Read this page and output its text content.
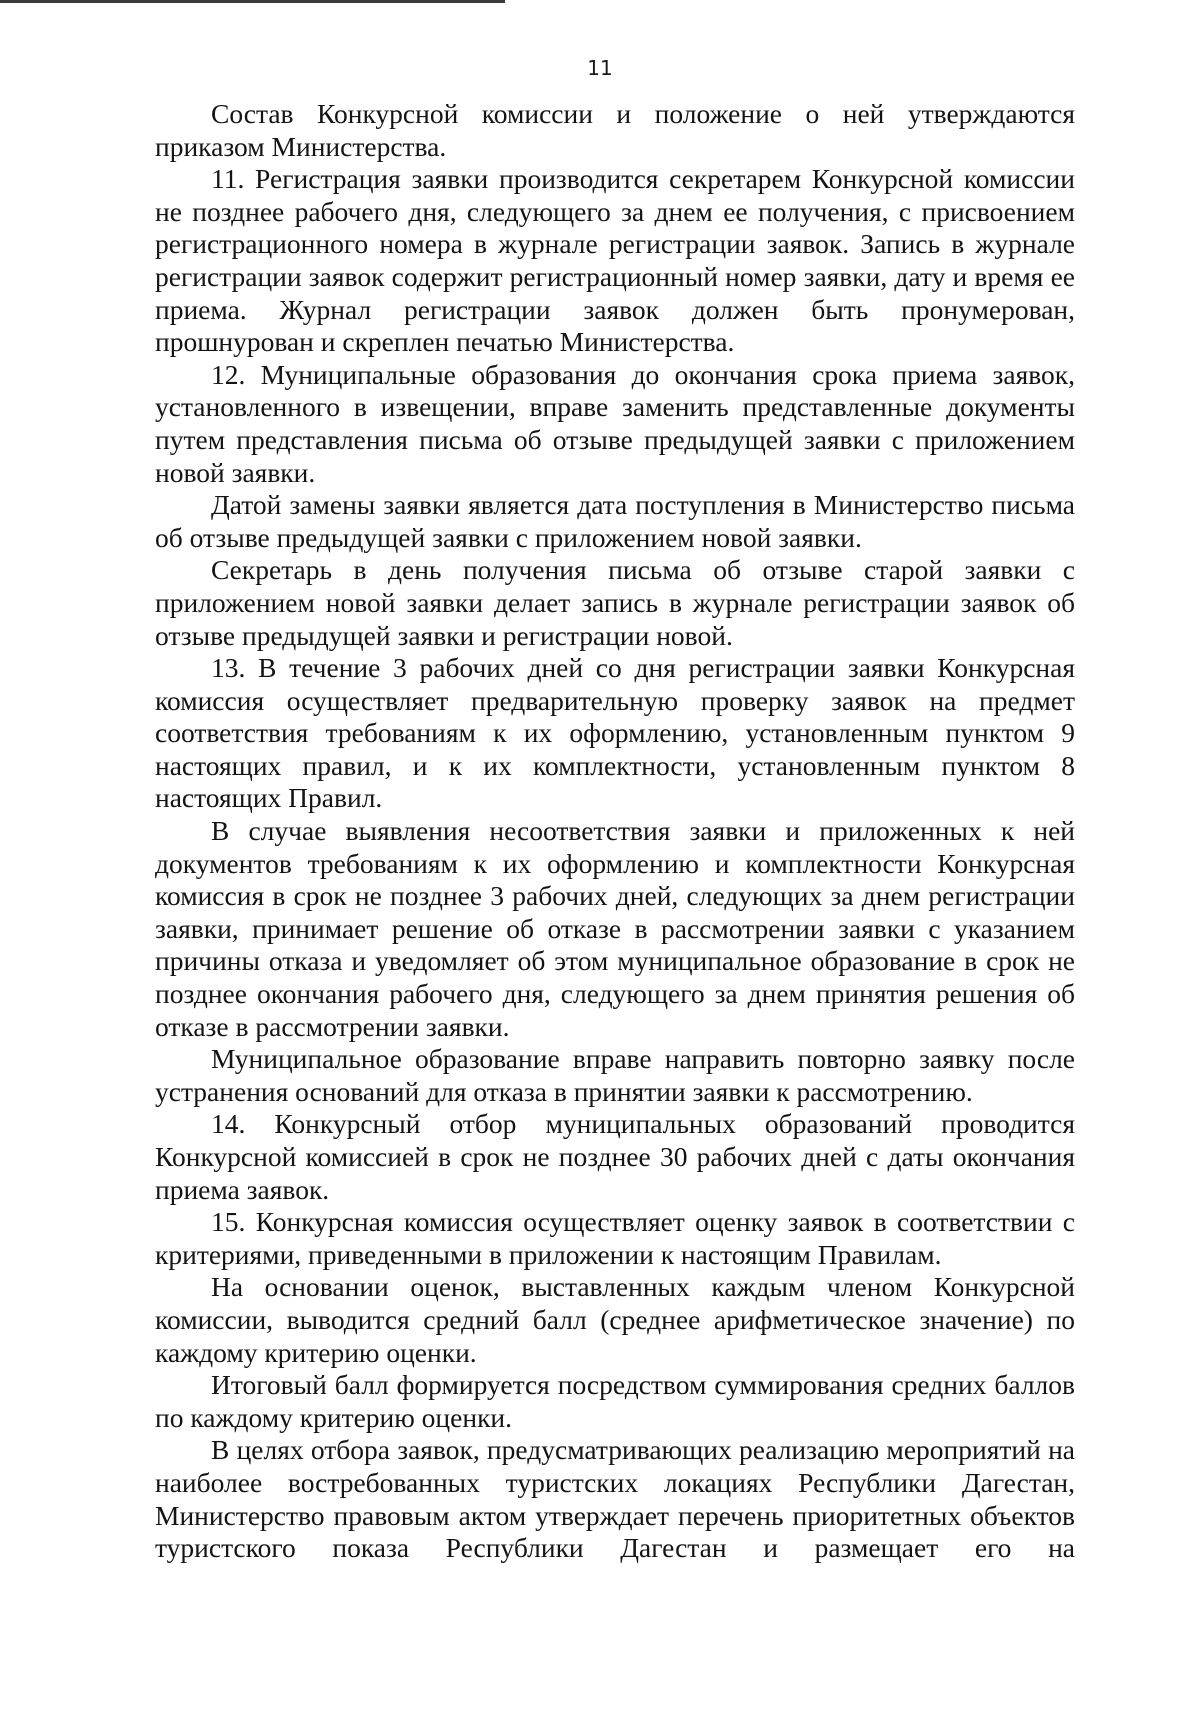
11

Состав Конкурсной комиссии и положение о ней утверждаются приказом Министерства.

11. Регистрация заявки производится секретарем Конкурсной комиссии не позднее рабочего дня, следующего за днем ее получения, с присвоением регистрационного номера в журнале регистрации заявок. Запись в журнале регистрации заявок содержит регистрационный номер заявки, дату и время ее приема. Журнал регистрации заявок должен быть пронумерован, прошнурован и скреплен печатью Министерства.

12. Муниципальные образования до окончания срока приема заявок, установленного в извещении, вправе заменить представленные документы путем представления письма об отзыве предыдущей заявки с приложением новой заявки.

Датой замены заявки является дата поступления в Министерство письма об отзыве предыдущей заявки с приложением новой заявки.

Секретарь в день получения письма об отзыве старой заявки с приложением новой заявки делает запись в журнале регистрации заявок об отзыве предыдущей заявки и регистрации новой.

13. В течение 3 рабочих дней со дня регистрации заявки Конкурсная комиссия осуществляет предварительную проверку заявок на предмет соответствия требованиям к их оформлению, установленным пунктом 9 настоящих правил, и к их комплектности, установленным пунктом 8 настоящих Правил.

В случае выявления несоответствия заявки и приложенных к ней документов требованиям к их оформлению и комплектности Конкурсная комиссия в срок не позднее 3 рабочих дней, следующих за днем регистрации заявки, принимает решение об отказе в рассмотрении заявки с указанием причины отказа и уведомляет об этом муниципальное образование в срок не позднее окончания рабочего дня, следующего за днем принятия решения об отказе в рассмотрении заявки.

Муниципальное образование вправе направить повторно заявку после устранения оснований для отказа в принятии заявки к рассмотрению.

14. Конкурсный отбор муниципальных образований проводится Конкурсной комиссией в срок не позднее 30 рабочих дней с даты окончания приема заявок.

15. Конкурсная комиссия осуществляет оценку заявок в соответствии с критериями, приведенными в приложении к настоящим Правилам.

На основании оценок, выставленных каждым членом Конкурсной комиссии, выводится средний балл (среднее арифметическое значение) по каждому критерию оценки.

Итоговый балл формируется посредством суммирования средних баллов по каждому критерию оценки.

В целях отбора заявок, предусматривающих реализацию мероприятий на наиболее востребованных туристских локациях Республики Дагестан, Министерство правовым актом утверждает перечень приоритетных объектов туристского показа Республики Дагестан и размещает его на
